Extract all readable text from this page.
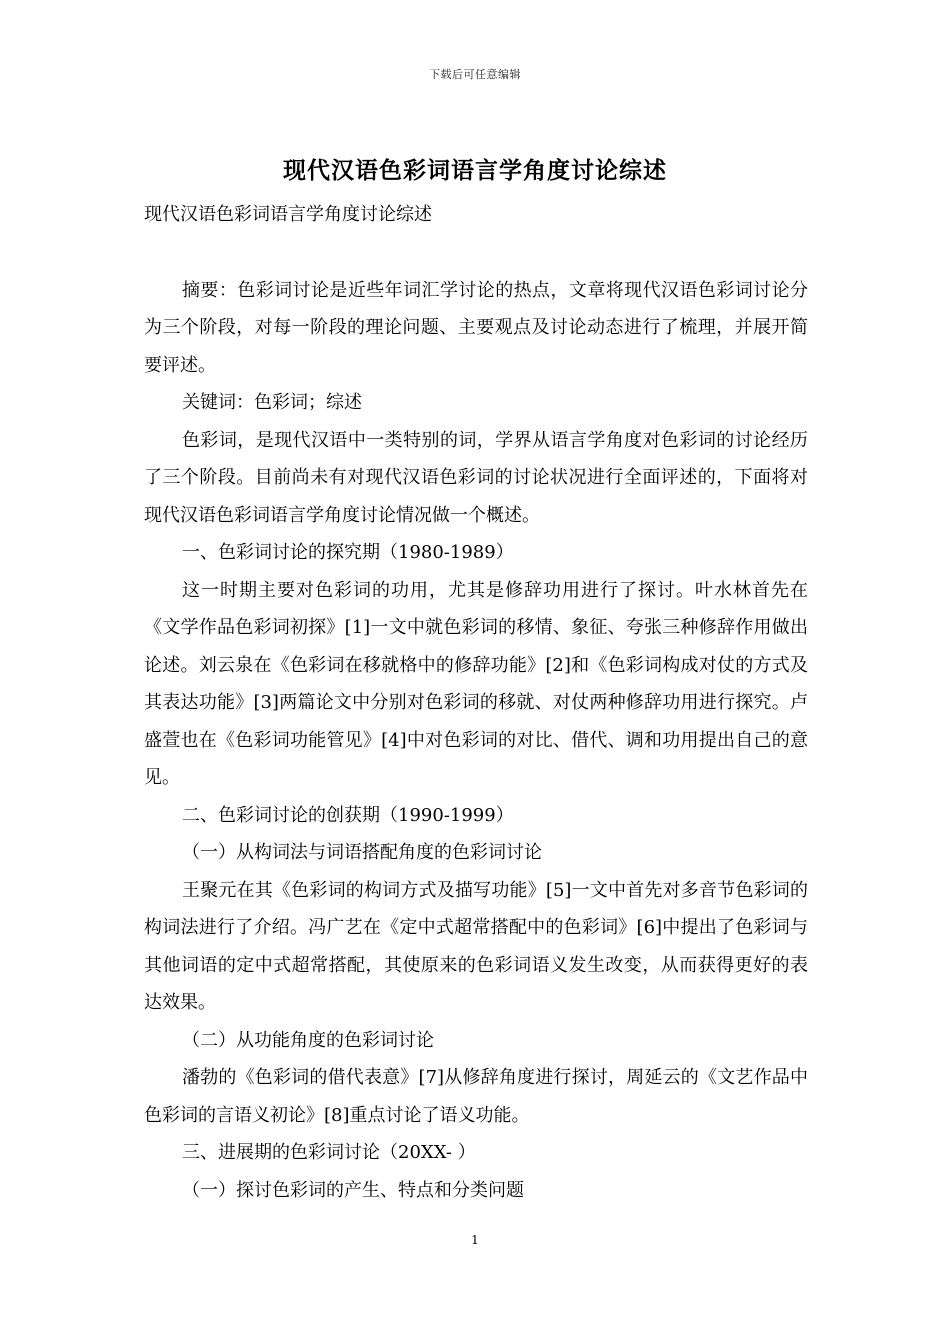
下载后可任意编辑
现代汉语色彩词语言学角度讨论综述

现代汉语色彩词语言学角度讨论综述

摘要：色彩词讨论是近些年词汇学讨论的热点，文章将现代汉语色彩词讨论分为三个阶段，对每一阶段的理论问题、主要观点及讨论动态进行了梳理，并展开简要评述。

关键词：色彩词；综述

色彩词，是现代汉语中一类特别的词，学界从语言学角度对色彩词的讨论经历了三个阶段。目前尚未有对现代汉语色彩词的讨论状况进行全面评述的，下面将对现代汉语色彩词语言学角度讨论情况做一个概述。

一、色彩词讨论的探究期（1980-1989）

这一时期主要对色彩词的功用，尤其是修辞功用进行了探讨。叶水林首先在《文学作品色彩词初探》[1]一文中就色彩词的移情、象征、夸张三种修辞作用做出论述。刘云泉在《色彩词在移就格中的修辞功能》[2]和《色彩词构成对仗的方式及其表达功能》[3]两篇论文中分别对色彩词的移就、对仗两种修辞功用进行探究。卢盛萱也在《色彩词功能管见》[4]中对色彩词的对比、借代、调和功用提出自己的意见。

二、色彩词讨论的创获期（1990-1999）

（一）从构词法与词语搭配角度的色彩词讨论

王聚元在其《色彩词的构词方式及描写功能》[5]一文中首先对多音节色彩词的构词法进行了介绍。冯广艺在《定中式超常搭配中的色彩词》[6]中提出了色彩词与其他词语的定中式超常搭配，其使原来的色彩词语义发生改变，从而获得更好的表达效果。

（二）从功能角度的色彩词讨论

潘勃的《色彩词的借代表意》[7]从修辞角度进行探讨，周延云的《文艺作品中色彩词的言语义初论》[8]重点讨论了语义功能。

三、进展期的色彩词讨论（20XX- ）

（一）探讨色彩词的产生、特点和分类问题

1
